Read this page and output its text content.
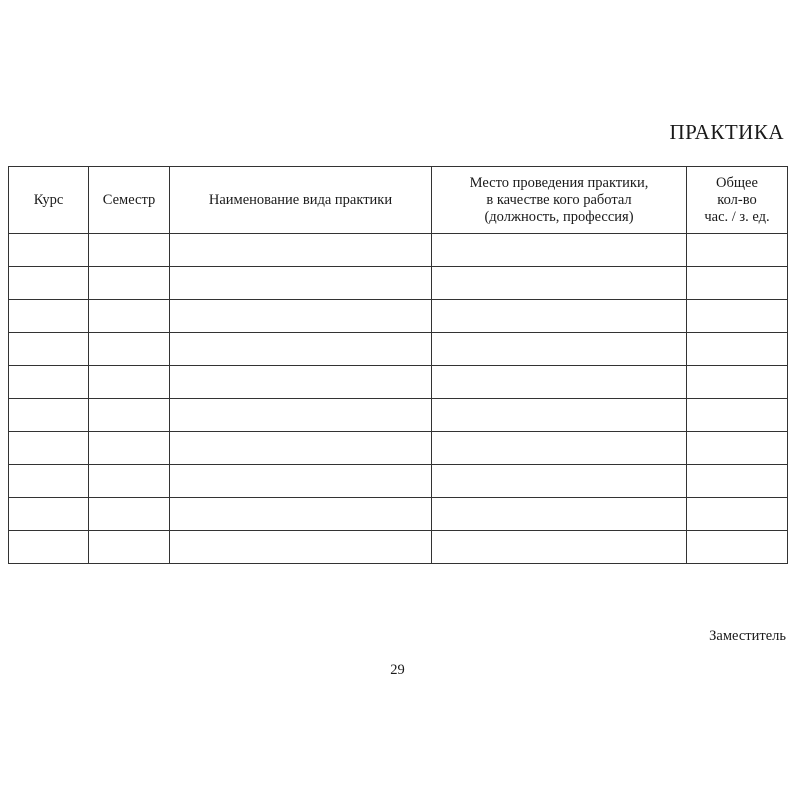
ПРАКТИКА
Курс	Семестр	Наименование вида практики	Место проведения практики,
в качестве кого работал
(должность, профессия)	Общее
кол-во
час. / з. ед.

Заместитель
29
